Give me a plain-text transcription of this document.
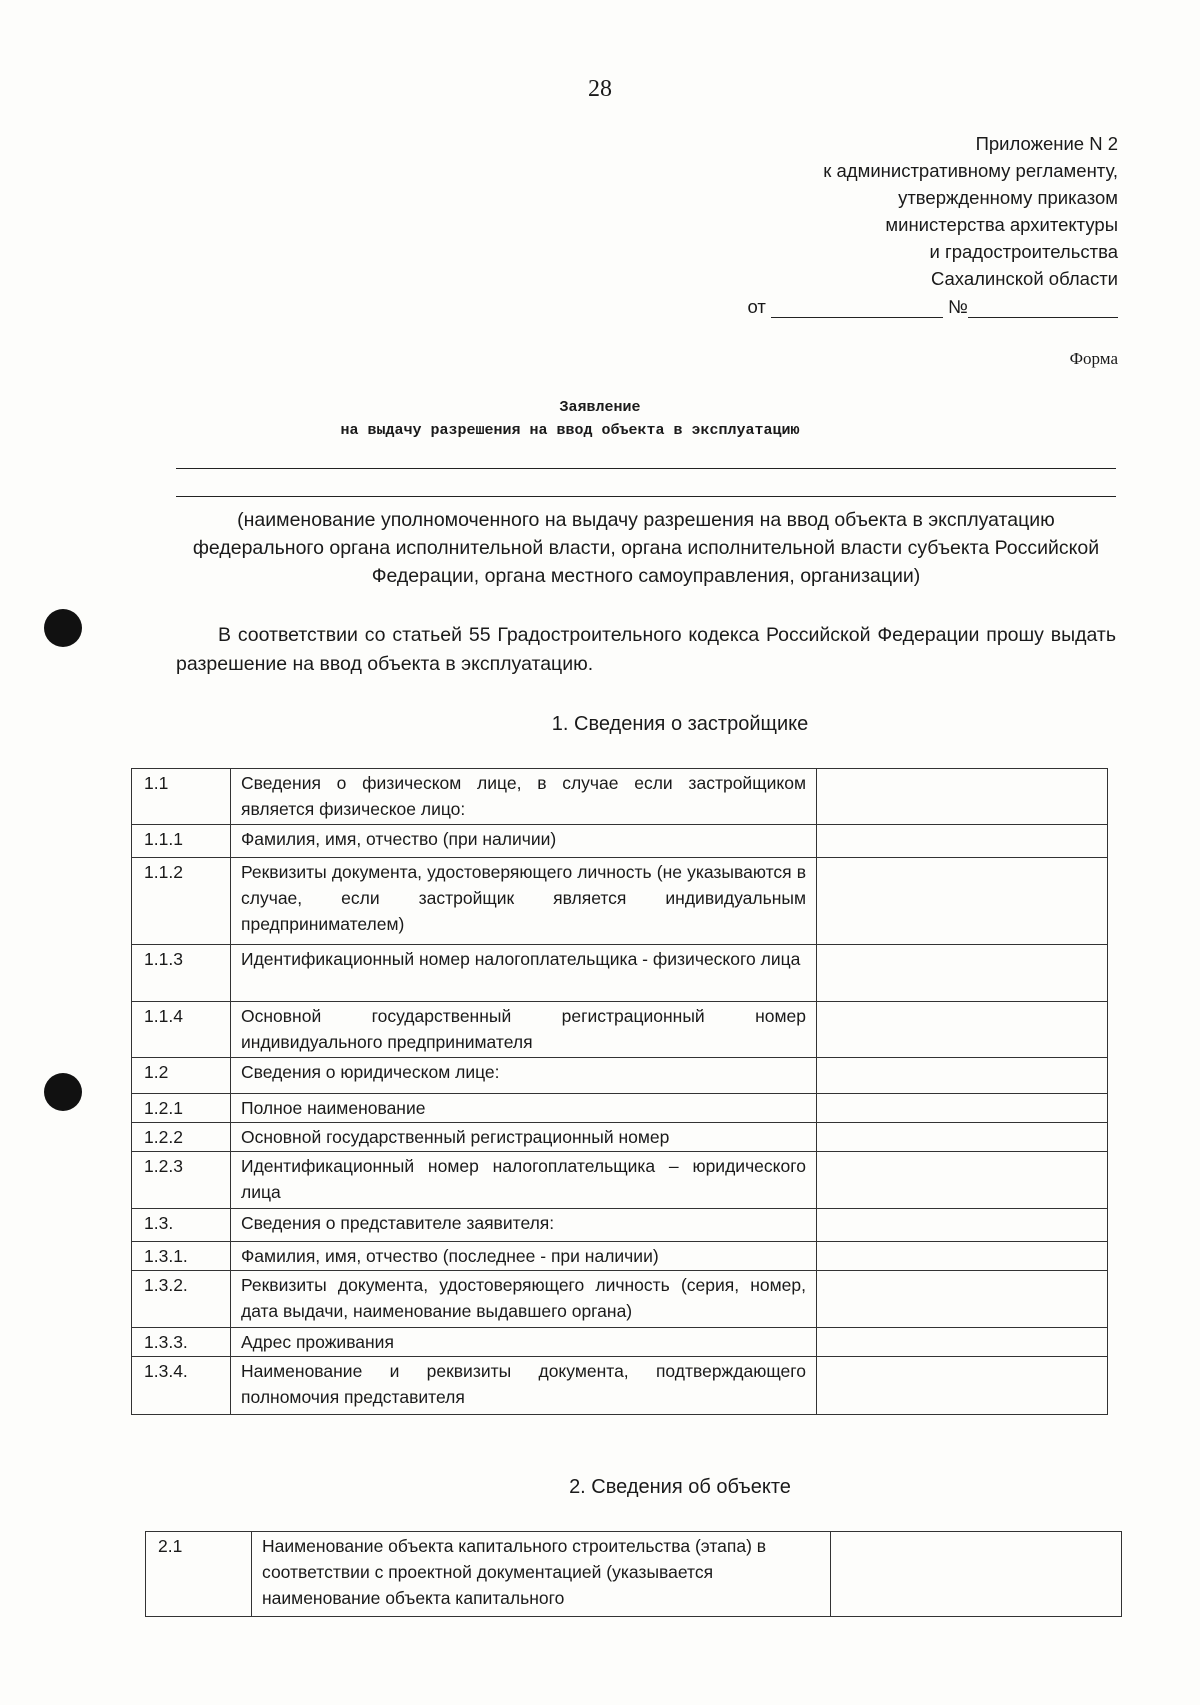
28
Приложение N 2
к административному регламенту,
утвержденному приказом
министерства архитектуры
и градостроительства
Сахалинской области
от	№
Форма
Заявление
на выдачу разрешения на ввод объекта в эксплуатацию
(наименование уполномоченного на выдачу разрешения на ввод объекта в эксплуатацию федерального органа исполнительной власти, органа исполнительной власти субъекта Российской Федерации, органа местного самоуправления, организации)
В соответствии со статьей 55 Градостроительного кодекса Российской Федерации прошу выдать разрешение на ввод объекта в эксплуатацию.
1. Сведения о застройщике
1.1	Сведения о физическом лице, в случае если застройщиком является физическое лицо:	
1.1.1	Фамилия, имя, отчество (при наличии)	
1.1.2	Реквизиты документа, удостоверяющего личность (не указываются в случае, если застройщик является индивидуальным предпринимателем)	
1.1.3	Идентификационный номер налогоплательщика - физического лица	
1.1.4	Основной государственный регистрационный номер индивидуального предпринимателя	
1.2	Сведения о юридическом лице:	
1.2.1	Полное наименование	
1.2.2	Основной государственный регистрационный номер	
1.2.3	Идентификационный номер налогоплательщика – юридического лица	
1.3.	Сведения о представителе заявителя:	
1.3.1.	Фамилия, имя, отчество (последнее - при наличии)	
1.3.2.	Реквизиты документа, удостоверяющего личность (серия, номер, дата выдачи, наименование выдавшего органа)	
1.3.3.	Адрес проживания	
1.3.4.	Наименование и реквизиты документа, подтверждающего полномочия представителя	
2. Сведения об объекте
2.1	Наименование объекта капитального строительства (этапа) в соответствии с проектной документацией (указывается наименование объекта капитального	
